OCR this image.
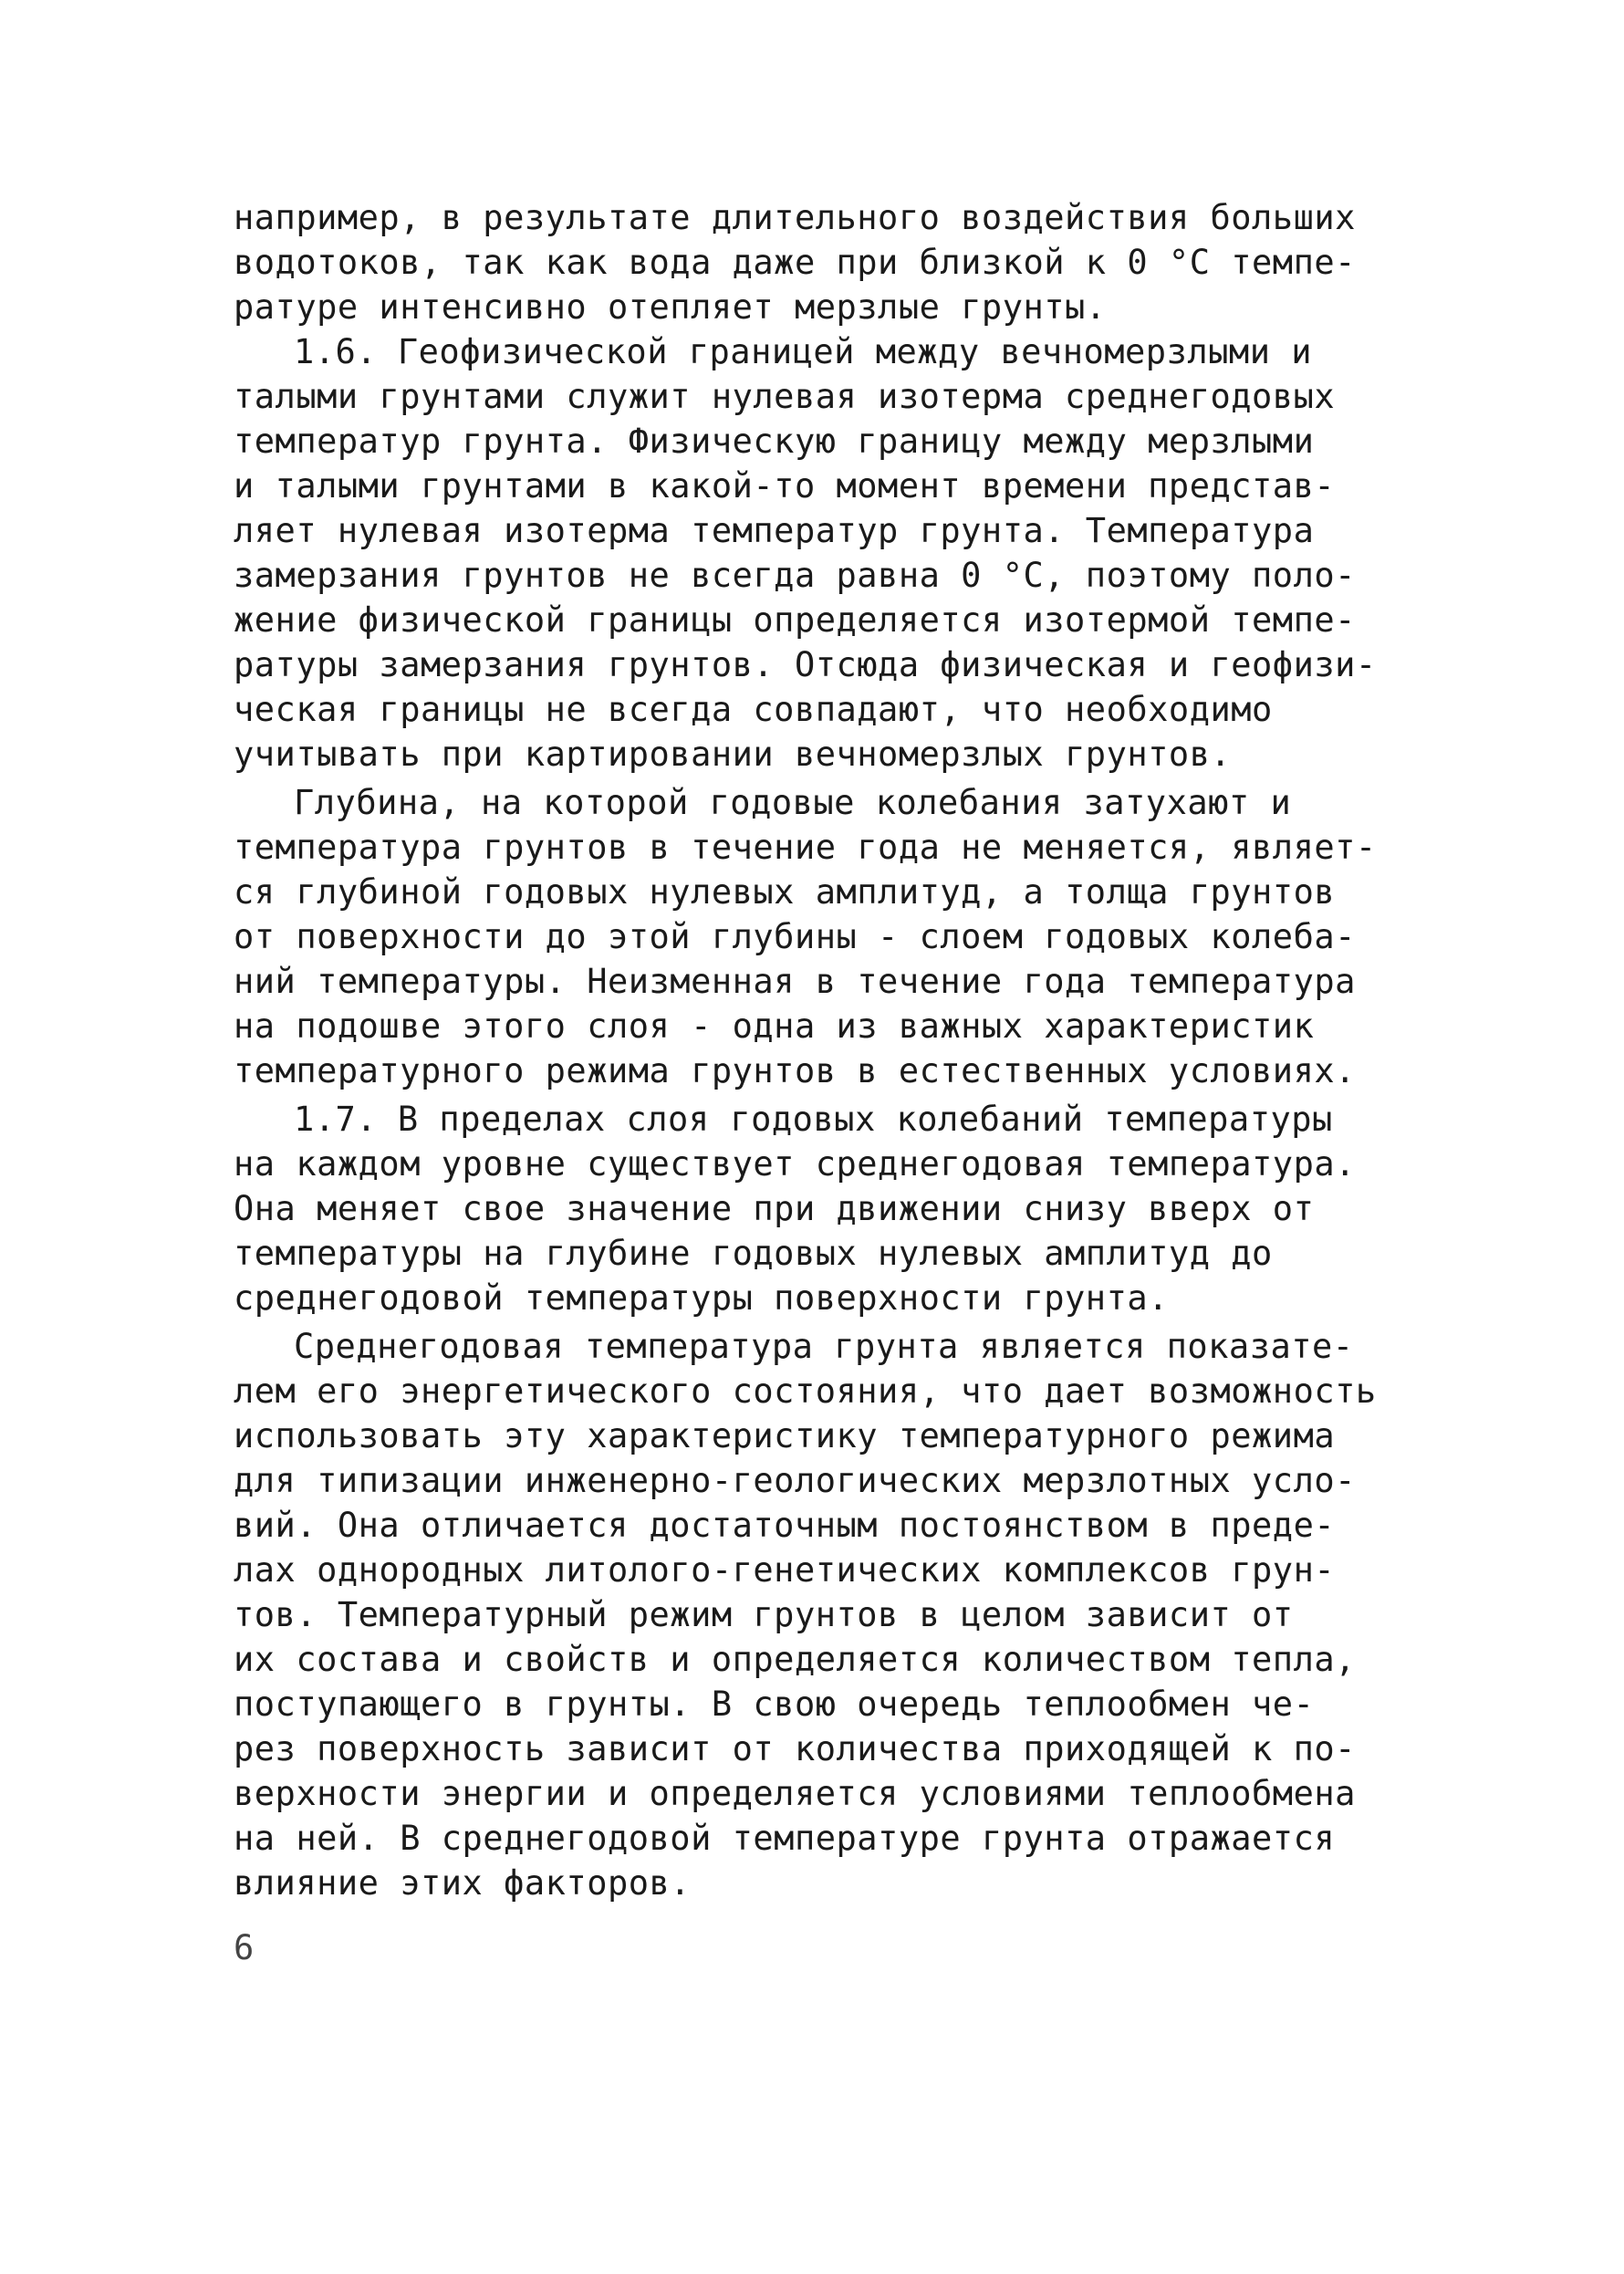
например, в результате длительного воздействия больших
водотоков, так как вода даже при близкой к 0 °С темпе-
ратуре интенсивно отепляет мерзлые грунты.
1.6. Геофизической границей между вечномерзлыми и
талыми грунтами служит нулевая изотерма среднегодовых
температур грунта. Физическую границу между мерзлыми
и талыми грунтами в какой-то момент времени представ-
ляет нулевая изотерма температур грунта. Температура
замерзания грунтов не всегда равна 0 °С, поэтому поло-
жение физической границы определяется изотермой темпе-
ратуры замерзания грунтов. Отсюда физическая и геофизи-
ческая границы не всегда совпадают, что необходимо
учитывать при картировании вечномерзлых грунтов.
Глубина, на которой годовые колебания затухают и
температура грунтов в течение года не меняется, являет-
ся глубиной годовых нулевых амплитуд, а толща грунтов
от поверхности до этой глубины - слоем годовых колеба-
ний температуры. Неизменная в течение года температура
на подошве этого слоя - одна из важных характеристик
температурного режима грунтов в естественных условиях.
1.7. В пределах слоя годовых колебаний температуры
на каждом уровне существует среднегодовая температура.
Она меняет свое значение при движении снизу вверх от
температуры на глубине годовых нулевых амплитуд до
среднегодовой температуры поверхности грунта.
Среднегодовая температура грунта является показате-
лем его энергетического состояния, что дает возможность
использовать эту характеристику температурного режима
для типизации инженерно-геологических мерзлотных усло-
вий. Она отличается достаточным постоянством в преде-
лах однородных литолого-генетических комплексов грун-
тов. Температурный режим грунтов в целом зависит от
их состава и свойств и определяется количеством тепла,
поступающего в грунты. В свою очередь теплообмен че-
рез поверхность зависит от количества приходящей к по-
верхности энергии и определяется условиями теплообмена
на ней. В среднегодовой температуре грунта отражается
влияние этих факторов.
6
